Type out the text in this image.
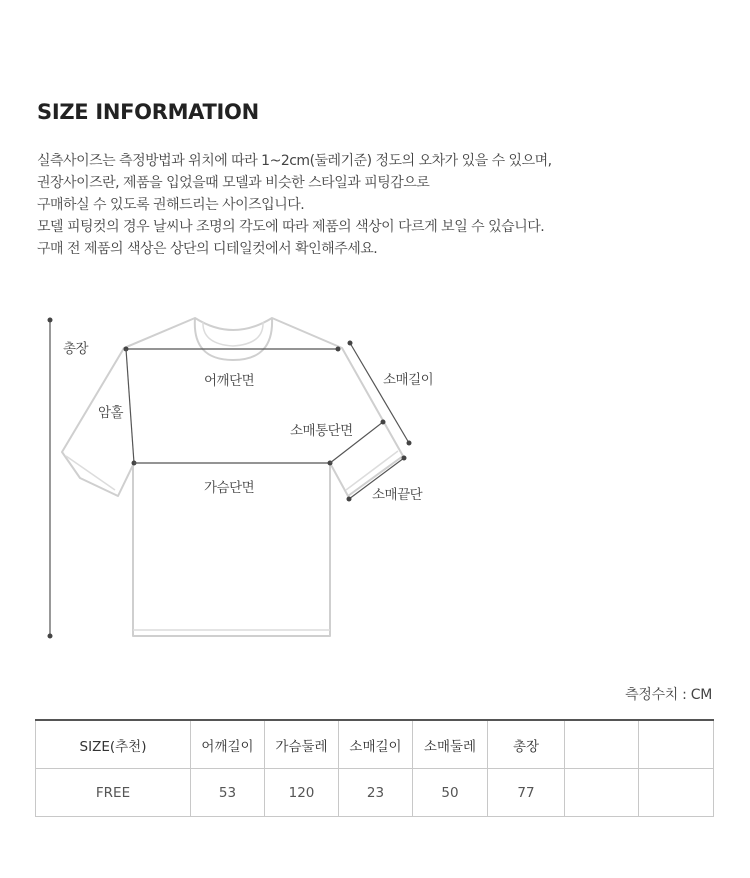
SIZE INFORMATION
실측사이즈는 측정방법과 위치에 따라 1~2cm(둘레기준) 정도의 오차가 있을 수 있으며,
권장사이즈란, 제품을 입었을때 모델과 비슷한 스타일과 피팅감으로
구매하실 수 있도록 권해드리는 사이즈입니다.
모델 피팅컷의 경우 날씨나 조명의 각도에 따라 제품의 색상이 다르게 보일 수 있습니다.
구매 전 제품의 색상은 상단의 디테일컷에서 확인해주세요.
총장
암홀
어깨단면	소매길이
소매통단면
가슴단면	소매끝단
측정수치 : CM
SIZE(추천)	어깨길이	가슴둘레	소매길이	소매둘레	총장		
FREE	53	120	23	50	77		
